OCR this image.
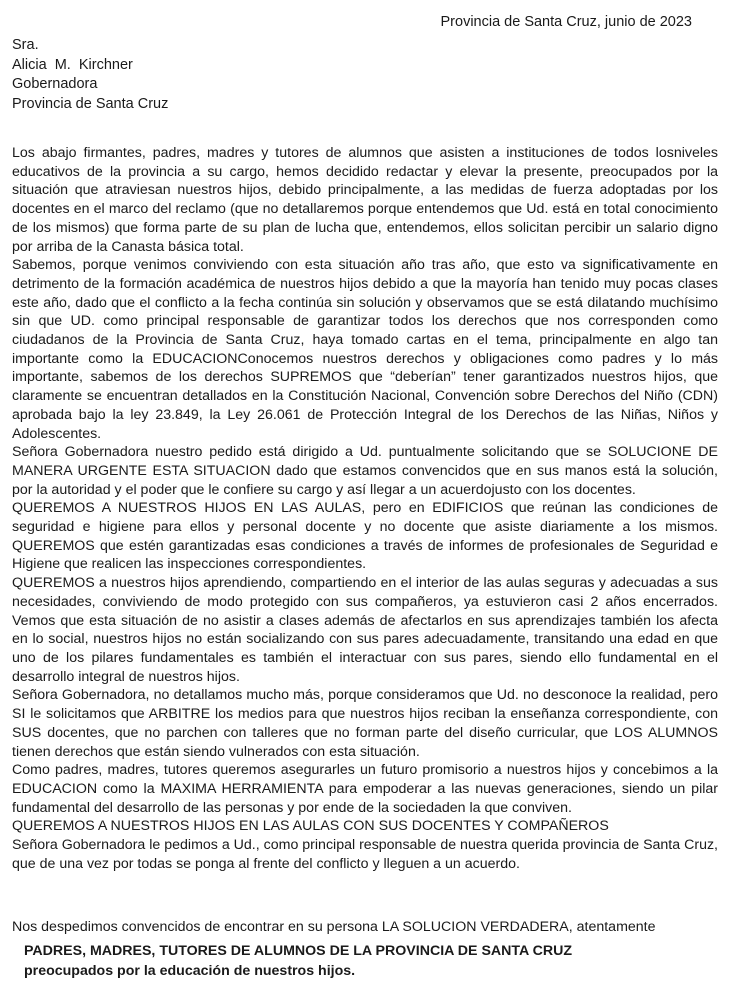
Provincia de Santa Cruz, junio de 2023
Sra.
Alicia  M.  Kirchner
Gobernadora
Provincia de Santa Cruz

Los abajo firmantes, padres, madres y tutores de alumnos que asisten a instituciones de todos losniveles educativos de la provincia a su cargo, hemos decidido redactar y elevar la presente, preocupados por la situación que atraviesan nuestros hijos, debido principalmente, a las medidas de fuerza adoptadas por los docentes en el marco del reclamo (que no detallaremos porque entendemos que Ud. está en total conocimiento de los mismos) que forma parte de su plan de lucha que, entendemos, ellos solicitan percibir un salario digno por arriba de la Canasta básica total.

Sabemos, porque venimos conviviendo con esta situación año tras año, que esto va significativamente en detrimento de la formación académica de nuestros hijos debido a que la mayoría han tenido muy pocas clases este año, dado que el conflicto a la fecha continúa sin solución y observamos que se está dilatando muchísimo sin que UD. como principal responsable de garantizar todos los derechos que nos corresponden como ciudadanos de la Provincia de Santa Cruz, haya tomado cartas en el tema, principalmente en algo tan importante como la EDUCACIONConocemos nuestros derechos y obligaciones como padres y lo más importante, sabemos de los derechos SUPREMOS que “deberían” tener garantizados nuestros hijos, que claramente se encuentran detallados en la Constitución Nacional, Convención sobre Derechos del Niño (CDN) aprobada bajo la ley 23.849, la Ley 26.061 de Protección Integral de los Derechos de las Niñas, Niños y Adolescentes.

Señora Gobernadora nuestro pedido está dirigido a Ud. puntualmente solicitando que se SOLUCIONE DE MANERA URGENTE ESTA SITUACION dado que estamos convencidos que en sus manos está la solución, por la autoridad y el poder que le confiere su cargo y así llegar a un acuerdojusto con los docentes.

QUEREMOS A NUESTROS HIJOS EN LAS AULAS, pero en EDIFICIOS que reúnan las condiciones de seguridad e higiene para ellos y personal docente y no docente que asiste diariamente a los mismos. QUEREMOS que estén garantizadas esas condiciones a través de informes de profesionales de Seguridad e Higiene que realicen las inspecciones correspondientes.

QUEREMOS a nuestros hijos aprendiendo, compartiendo en el interior de las aulas seguras y adecuadas a sus necesidades, conviviendo de modo protegido con sus compañeros, ya estuvieron casi 2 años encerrados. Vemos que esta situación de no asistir a clases además de afectarlos en sus aprendizajes también los afecta en lo social, nuestros hijos no están socializando con sus pares adecuadamente, transitando una edad en que uno de los pilares fundamentales es también el interactuar con sus pares, siendo ello fundamental en el desarrollo integral de nuestros hijos.

Señora Gobernadora, no detallamos mucho más, porque consideramos que Ud. no desconoce la realidad, pero SI le solicitamos que ARBITRE los medios para que nuestros hijos reciban la enseñanza correspondiente, con SUS docentes, que no parchen con talleres que no forman parte del diseño curricular, que LOS ALUMNOS tienen derechos que están siendo vulnerados con esta situación.

Como padres, madres, tutores queremos asegurarles un futuro promisorio a nuestros hijos y concebimos a la EDUCACION como la MAXIMA HERRAMIENTA para empoderar a las nuevas generaciones, siendo un pilar fundamental del desarrollo de las personas y por ende de la sociedaden la que conviven.

QUEREMOS A NUESTROS HIJOS EN LAS AULAS CON SUS DOCENTES Y COMPAÑEROS

Señora Gobernadora le pedimos a Ud., como principal responsable de nuestra querida provincia de Santa Cruz, que de una vez por todas se ponga al frente del conflicto y lleguen a un acuerdo.

Nos despedimos convencidos de encontrar en su persona LA SOLUCION VERDADERA, atentamente
PADRES, MADRES, TUTORES DE ALUMNOS DE LA PROVINCIA DE SANTA CRUZ
preocupados por la educación de nuestros hijos.
